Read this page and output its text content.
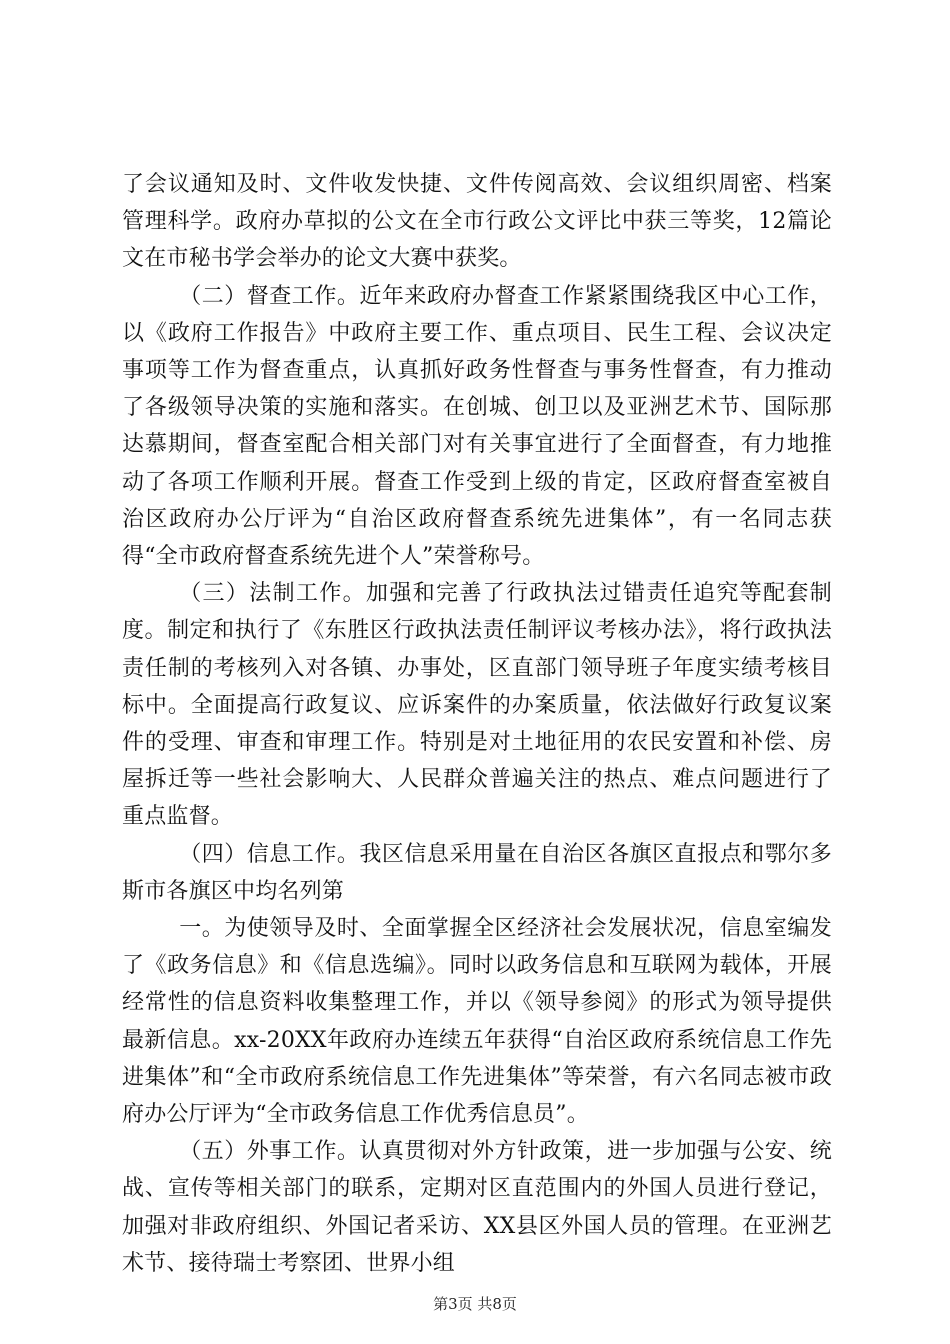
了会议通知及时、文件收发快捷、文件传阅高效、会议组织周密、档案管理科学。政府办草拟的公文在全市行政公文评比中获三等奖，12篇论文在市秘书学会举办的论文大赛中获奖。

（二）督查工作。近年来政府办督查工作紧紧围绕我区中心工作，以《政府工作报告》中政府主要工作、重点项目、民生工程、会议决定事项等工作为督查重点，认真抓好政务性督查与事务性督查，有力推动了各级领导决策的实施和落实。在创城、创卫以及亚洲艺术节、国际那达慕期间，督查室配合相关部门对有关事宜进行了全面督查，有力地推动了各项工作顺利开展。督查工作受到上级的肯定，区政府督查室被自治区政府办公厅评为“自治区政府督查系统先进集体”，有一名同志获得“全市政府督查系统先进个人”荣誉称号。

（三）法制工作。加强和完善了行政执法过错责任追究等配套制度。制定和执行了《东胜区行政执法责任制评议考核办法》，将行政执法责任制的考核列入对各镇、办事处，区直部门领导班子年度实绩考核目标中。全面提高行政复议、应诉案件的办案质量，依法做好行政复议案件的受理、审查和审理工作。特别是对土地征用的农民安置和补偿、房屋拆迁等一些社会影响大、人民群众普遍关注的热点、难点问题进行了重点监督。

（四）信息工作。我区信息采用量在自治区各旗区直报点和鄂尔多斯市各旗区中均名列第

一。为使领导及时、全面掌握全区经济社会发展状况，信息室编发了《政务信息》和《信息选编》。同时以政务信息和互联网为载体，开展经常性的信息资料收集整理工作，并以《领导参阅》的形式为领导提供最新信息。xx-20XX年政府办连续五年获得“自治区政府系统信息工作先进集体”和“全市政府系统信息工作先进集体”等荣誉，有六名同志被市政府办公厅评为“全市政务信息工作优秀信息员”。

（五）外事工作。认真贯彻对外方针政策，进一步加强与公安、统战、宣传等相关部门的联系，定期对区直范围内的外国人员进行登记，加强对非政府组织、外国记者采访、XX县区外国人员的管理。在亚洲艺术节、接待瑞士考察团、世界小组

第3页 共8页
